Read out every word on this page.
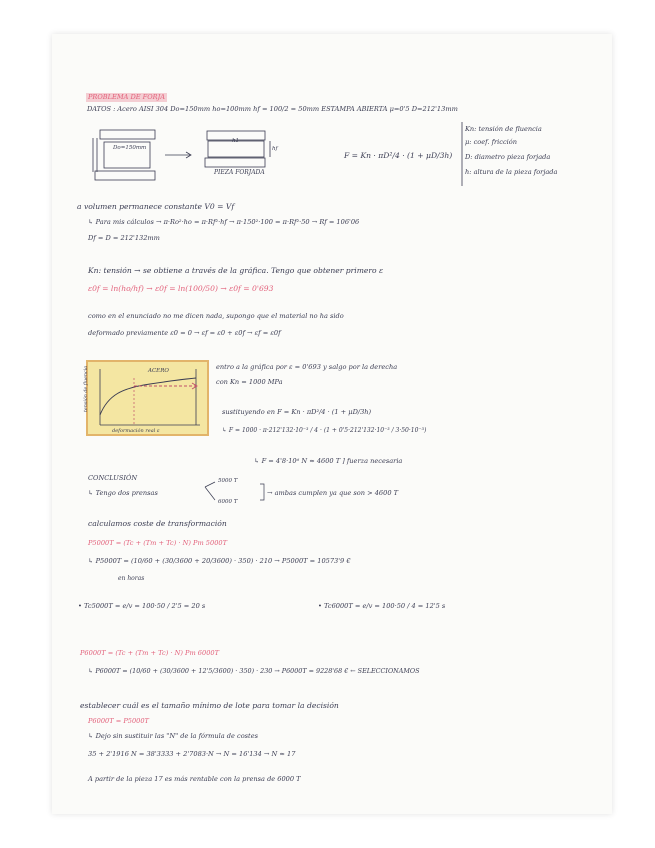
PROBLEMA DE FORJA
DATOS : Acero AISI 304 Do=150mm ho=100mm hf = 100/2 = 50mm ESTAMPA ABIERTA μ=0'5 D=212'13mm
Do=150mm
h1
hf
PIEZA FORJADA
F = Kn · πD²/4 · (1 + μD/3h)
Kn: tensión de fluencia
μ: coef. fricción
D: diametro pieza forjada
h: altura de la pieza forjada
a volumen permanece constante V0 = Vf
↳ Para mis cálculos → π·Ro²·ho = π·Rf²·hf → π·150²·100 = π·Rf²·50 → Rf = 106'06
Df = D = 212'132mm
Kn: tensión → se obtiene a través de la gráfica. Tengo que obtener primero ε
ε0f = ln(ho/hf) → ε0f = ln(100/50) → ε0f = 0'693
como en el enunciado no me dicen nada, supongo que el material no ha sido
deformado previamente ε0 = 0 → εf = ε0 + ε0f → εf = ε0f
ACERO
tensión de fluencia
deformación real ε
entro a la gráfica por ε = 0'693 y salgo por la derecha
con Kn = 1000 MPa
sustituyendo en F = Kn · πD²/4 · (1 + μD/3h)
↳ F = 1000 · π·212'132·10⁻³ / 4 · (1 + 0'5·212'132·10⁻³ / 3·50·10⁻³)
↳ F = 4'8·10⁶ N ≈ 4600 T ] fuerza necesaria
CONCLUSIÓN
↳ Tengo dos prensas
5000 T
6000 T
→ ambas cumplen ya que son > 4600 T
calculamos coste de transformación
P5000T = (Tc + (Tm + Tc) · N) Pm 5000T
↳ P5000T = (10/60 + (30/3600 + 20/3600) · 350) · 210 → P5000T = 10573'9 €
en horas
• Tc5000T = e/v = 100·50 / 2'5 = 20 s	• Tc6000T = e/v = 100·50 / 4 = 12'5 s
P6000T = (Tc + (Tm + Tc) · N) Pm 6000T
↳ P6000T = (10/60 + (30/3600 + 12'5/3600) · 350) · 230 → P6000T = 9228'68 € ← SELECCIONAMOS
establecer cuál es el tamaño mínimo de lote para tomar la decisión
P6000T = P5000T
↳ Dejo sin sustituir las "N" de la fórmula de costes
35 + 2'1916 N = 38'3333 + 2'7083·N → N = 16'134 → N ≈ 17
A partir de la pieza 17 es más rentable con la prensa de 6000 T
